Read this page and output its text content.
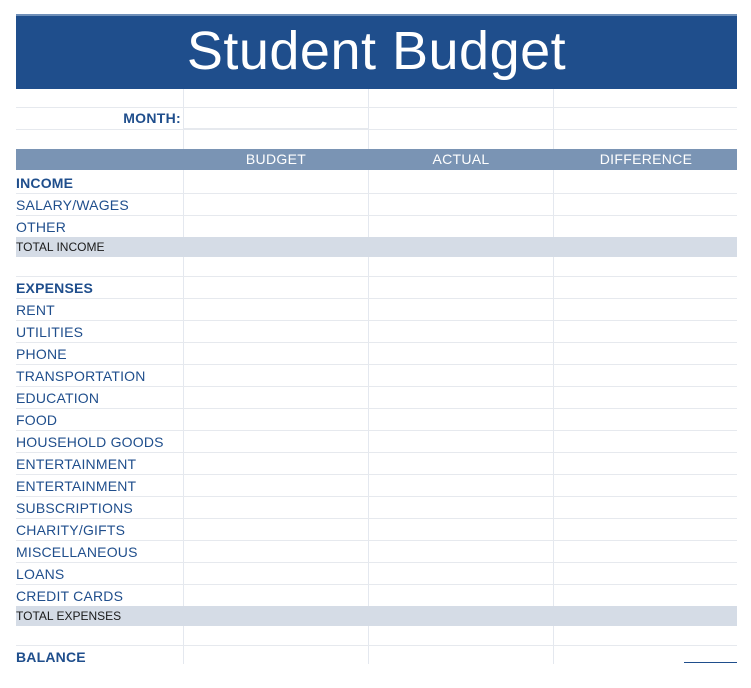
Student Budget
MONTH:
BUDGET	ACTUAL	DIFFERENCE
INCOME
SALARY/WAGES
OTHER
TOTAL INCOME
EXPENSES
RENT
UTILITIES
PHONE
TRANSPORTATION
EDUCATION
FOOD
HOUSEHOLD GOODS
ENTERTAINMENT
ENTERTAINMENT
SUBSCRIPTIONS
CHARITY/GIFTS
MISCELLANEOUS
LOANS
CREDIT CARDS
TOTAL EXPENSES
BALANCE
